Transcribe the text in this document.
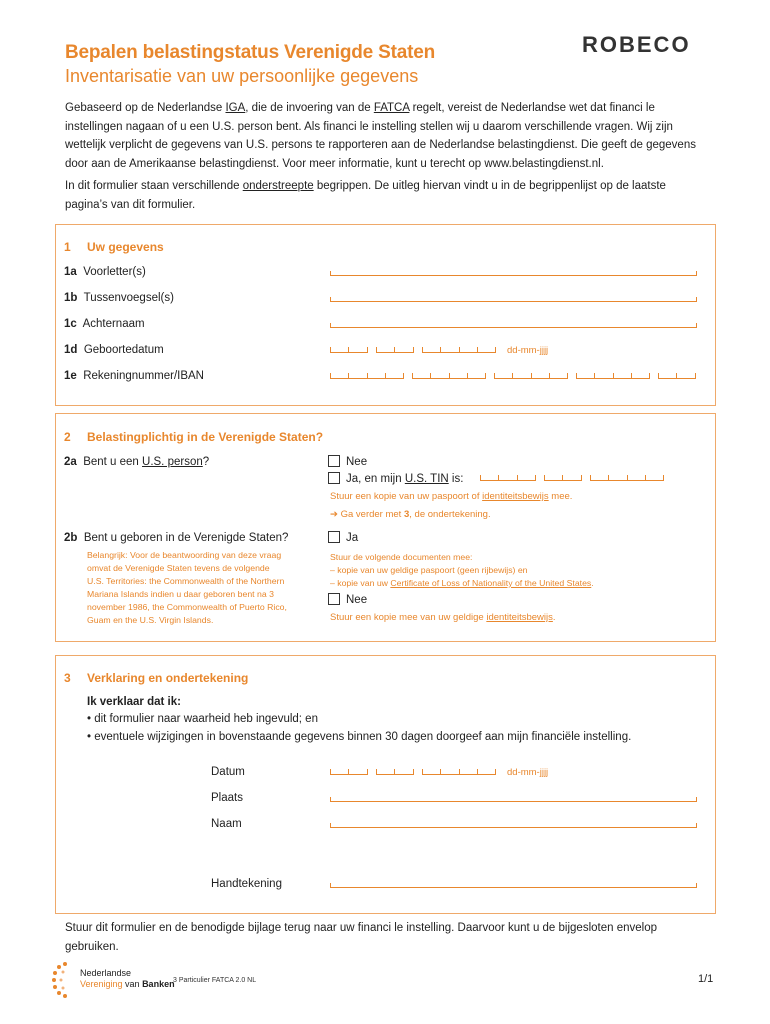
Bepalen belastingstatus Verenigde Staten
Inventarisatie van uw persoonlijke gegevens
ROBECO
Gebaseerd op de Nederlandse IGA, die de invoering van de FATCA regelt, vereist de Nederlandse wet dat financi le
instellingen nagaan of u een U.S. person bent. Als financi le instelling stellen wij u daarom verschillende vragen. Wij zijn
wettelijk verplicht de gegevens van U.S. persons te rapporteren aan de Nederlandse belastingdienst. Die geeft de gegevens
door aan de Amerikaanse belastingdienst. Voor meer informatie, kunt u terecht op www.belastingdienst.nl.
In dit formulier staan verschillende onderstreepte begrippen. De uitleg hiervan vindt u in de begrippenlijst op de laatste
pagina’s van dit formulier.
1 Uw gegevens
1a Voorletter(s)
1b Tussenvoegsel(s)
1c Achternaam
1d Geboortedatum	dd-mm-jjjj
1e Rekeningnummer/IBAN
2 Belastingplichtig in de Verenigde Staten?
2a Bent u een U.S. person?	Nee
Ja, en mijn U.S. TIN is:
Stuur een kopie van uw paspoort of identiteitsbewijs mee.
➔ Ga verder met 3, de ondertekening.
2b Bent u geboren in de Verenigde Staten?
Belangrijk: Voor de beantwoording van deze vraag
omvat de Verenigde Staten tevens de volgende
U.S. Territories: the Commonwealth of the Northern
Mariana Islands indien u daar geboren bent na 3
november 1986, the Commonwealth of Puerto Rico,
Guam en the U.S. Virgin Islands.
Ja
Stuur de volgende documenten mee:
– kopie van uw geldige paspoort (geen rijbewijs) en
– kopie van uw Certificate of Loss of Nationality of the United States.
Nee
Stuur een kopie mee van uw geldige identiteitsbewijs.
3 Verklaring en ondertekening
Ik verklaar dat ik:
• dit formulier naar waarheid heb ingevuld; en
• eventuele wijzigingen in bovenstaande gegevens binnen 30 dagen doorgeef aan mijn financiële instelling.
Datum	dd-mm-jjjj
Plaats
Naam
Handtekening
Stuur dit formulier en de benodigde bijlage terug naar uw financi le instelling. Daarvoor kunt u de bijgesloten envelop
gebruiken.
Nederlandse
Vereniging van Banken
3 Particulier FATCA 2.0 NL	1/1
